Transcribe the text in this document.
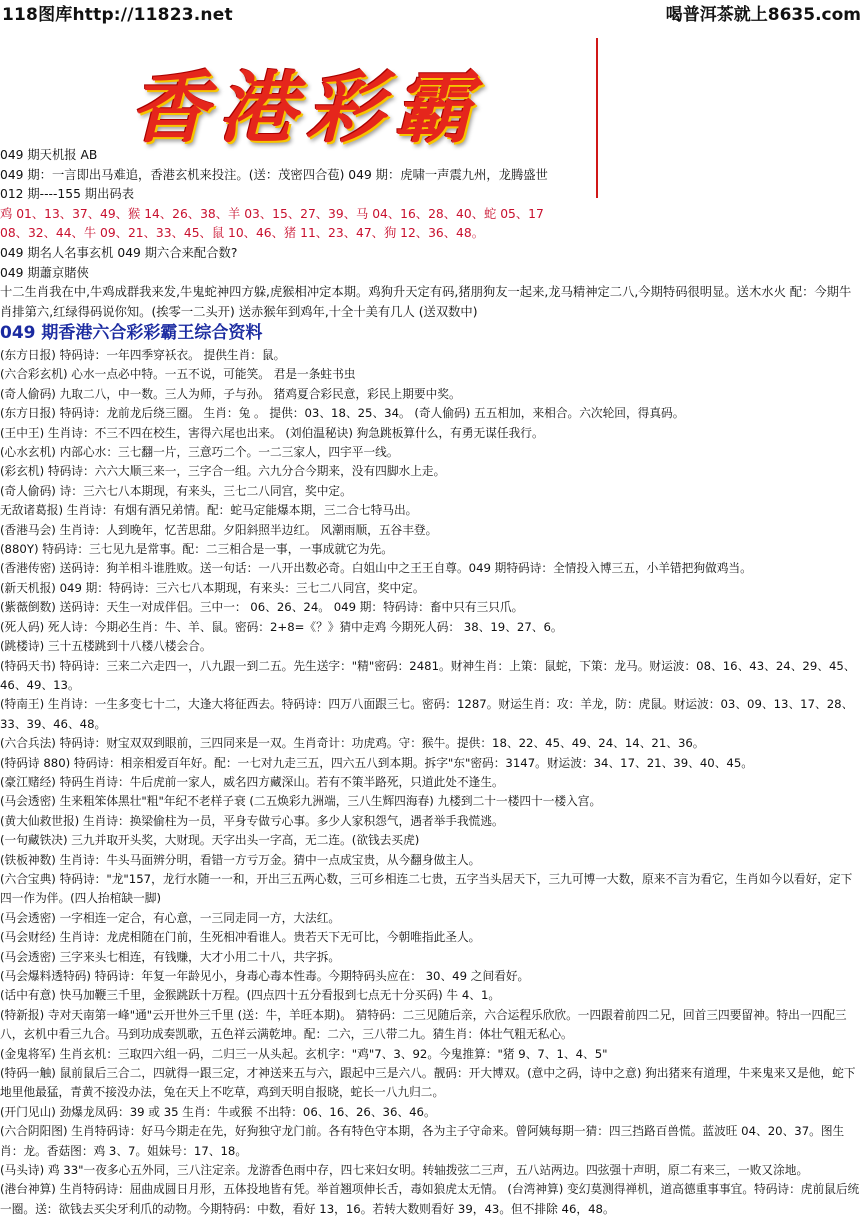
118图库http://11823.net	喝普洱茶就上8635.com
香港彩霸
049 期天机报 AB
049 期：一言即出马难追，香港玄机来投注。(送：茂密四合苞) 049 期：虎啸一声震九州，龙腾盛世
012 期----155 期出码表
鸡 01、13、37、49、猴 14、26、38、羊 03、15、27、39、马 04、16、28、40、蛇 05、17
08、32、44、牛 09、21、33、45、鼠 10、46、猪 11、23、47、狗 12、36、48。
049 期名人名事玄机 049 期六合来配合数?
049 期蕭京賭俠
十二生肖我在中,牛鸡成群我来发,牛鬼蛇神四方躲,虎猴相冲定本期。鸡狗升天定有码,猪朋狗友一起来,龙马精神定二八,今期特码很明显。送木水火 配：今期牛肖排第六,红绿得码说你知。(挨零一二头开) 送赤猴年到鸡年,十全十美有几人 (送双数中)
049 期香港六合彩彩霸王综合资料
(东方日报) 特码诗：一年四季穿袄衣。 提供生肖：鼠。
(六合彩玄机) 心水一点必中特。一五不说，可能笑。 君是一条蛀书虫
(奇人偷码) 九取二八，中一数。三人为师，子与孙。 猪鸡夏合彩民意，彩民上期要中奖。
(东方日报) 特码诗：龙前龙后绕三圈。 生肖：兔 。 提供：03、18、25、34。 (奇人偷码) 五五相加，来相合。六次轮回，得真码。
(王中王) 生肖诗：不三不四在校生，害得六尾也出来。 (刘伯温秘诀) 狗急跳板算什么，有勇无谋任我行。
(心水玄机) 内部心水：三七翻一片，三意巧二个。一二三家人，四宇平一线。
(彩玄机) 特码诗：六六大顺三来一，三字合一组。六九分合今期来，没有四脚水上走。
(奇人偷码) 诗：三六七八本期现，有来头，三七二八同宫，奖中定。
无敌诸葛报) 生肖诗：有烟有酒兄弟情。配：蛇马定能爆本期，三二合七特马出。
(香港马会) 生肖诗：人到晚年，忆苦思甜。夕阳斜照半边红。 风潮雨顺，五谷丰登。
(880Y) 特码诗：三七见九是常事。配：二三相合是一事，一事成就它为先。
(香港传密) 送码诗：狗羊相斗谁胜败。送一句话：一八开出数必奇。白姐山中之王王自尊。049 期特码诗：全情投入博三五，小羊错把狗做鸡当。
(新天机报) 049 期：特码诗：三六七八本期现，有来头：三七二八同宫，奖中定。
(紫薇倒数) 送码诗：天生一对成伴侣。三中一： 06、26、24。 049 期：特码诗：畜中只有三只爪。
(死人码) 死人诗：今期必生肖：牛、羊、鼠。密码：2+8=《？》猜中走鸡 今期死人码： 38、19、27、6。
(跳楼诗) 三十五楼跳到十八楼八楼会合。
(特码天书) 特码诗：三来二六走四一，八九跟一到二五。先生送字："精"密码：2481。财神生肖：上策：鼠蛇，下策：龙马。财运波：08、16、43、24、29、45、46、49、13。
(特南王) 生肖诗：一生多变七十二，大逢大将征西去。特码诗：四万八面跟三七。密码：1287。财运生肖：攻：羊龙，防：虎鼠。财运波：03、09、13、17、28、33、39、46、48。
(六合兵法) 特码诗：财宝双双到眼前，三四同来是一双。生肖奇计：功虎鸡。守：猴牛。提供：18、22、45、49、24、14、21、36。
(特码诗 880) 特码诗：相亲相爱百年好。配：一七对九走三五，四六五八到本期。拆字"东"密码：3147。财运波：34、17、21、39、40、45。
(豪江赌经) 特码生肖诗：牛后虎前一家人，威名四方藏深山。若有不策半路死，只道此处不逢生。
(马会透密) 生来粗笨体黑壮"粗"年纪不老样子衰 (二五焕彩九洲端，三八生辉四海春) 九楼到二十一楼四十一楼入宫。
(黄大仙救世报) 生肖诗：换梁偷柱为一员，平身专做亏心事。多少人家积怨气，遇者举手我慌逃。
(一句藏铁决) 三九并取开头奖，大财现。天字出头一字高，无二连。(欲钱去买虎)
(铁板神数) 生肖诗：牛头马面辨分明，看错一方亏万金。猜中一点成宝贵，从今翻身做主人。
(六合宝典) 特码诗："龙"157，龙行水随一一和，开出三五两心数，三可乡相连二七贵，五字当头居天下，三九可博一大数，原来不言为看它，生肖如今以看好，定下四一作为伴。(四人抬棺缺一脚)
(马会透密) 一字相连一定合，有心意，一三同走同一方，大法红。
(马会财经) 生肖诗：龙虎相随在门前，生死相冲看谁人。贵若天下无可比，今朝唯指此圣人。
(马会透密) 三字来头七相连，有钱赚，大才小用二十八，共字拆。
(马会爆料透特码) 特码诗：年复一年龄见小，身毒心毒本性毒。今期特码头应在： 30、49 之间看好。
(话中有意) 快马加鞭三千里，金猴跳跃十万程。(四点四十五分看报到七点无十分买码) 牛 4、1。
(特新报) 寺对天南第一峰"通"云开世外三千里 (送：牛，羊旺本期)。 猜特码：二三见随后亲，六合运程乐欣欣。一四跟着前四二兄，回首三四要留神。特出一四配三八，玄机中看三九合。马到功成奏凯歌，五色祥云满乾坤。配：二六，三八带二九。猜生肖：体壮气粗无私心。
(金鬼将军) 生肖玄机：三取四六组一码，二归三一从头起。玄机字："鸡"7、3、92。今鬼推算："猪 9、7、1、4、5"
(特码一触) 鼠前鼠后三合二，四就得一跟三定，才神送来五与六，跟起中三是六八。靓码：开大博双。(意中之码，诗中之意) 狗出猪来有道理，牛来鬼来又是他，蛇下地里他最猛，青黄不接没办法，兔在天上不吃草，鸡到天明自报晓，蛇长一八九归二。
(开门见山) 劲爆龙凤码：39 或 35 生肖：牛或猴 不出特：06、16、26、36、46。
(六合阴阳图) 生肖特码诗：好马今期走在先，好狗独守龙门前。各有特色守本期，各为主子守命来。曾阿姨每期一猜：四三挡路百兽慌。蓝波旺 04、20、37。图生肖：龙。香菇图：鸡 3、7。姐妹号：17、18。
(马头诗) 鸡 33"一夜多心五外同，三八注定亲。龙游香色雨中存，四七来妇女明。转轴拨弦二三声，五八站两边。四弦强十声明，原二有来三，一败又涂地。
(港台神算) 生肖特码诗：屈曲成圆日月形，五体投地皆有凭。举首翘项伸长舌，毒如狼虎太无情。 (台湾神算) 变幻莫测得禅机，道高德重事事宜。特码诗：虎前鼠后统一圈。送：欲钱去买尖牙利爪的动物。今期特码：中数，看好 13，16。若转大数则看好 39，43。但不排除 46，48。
